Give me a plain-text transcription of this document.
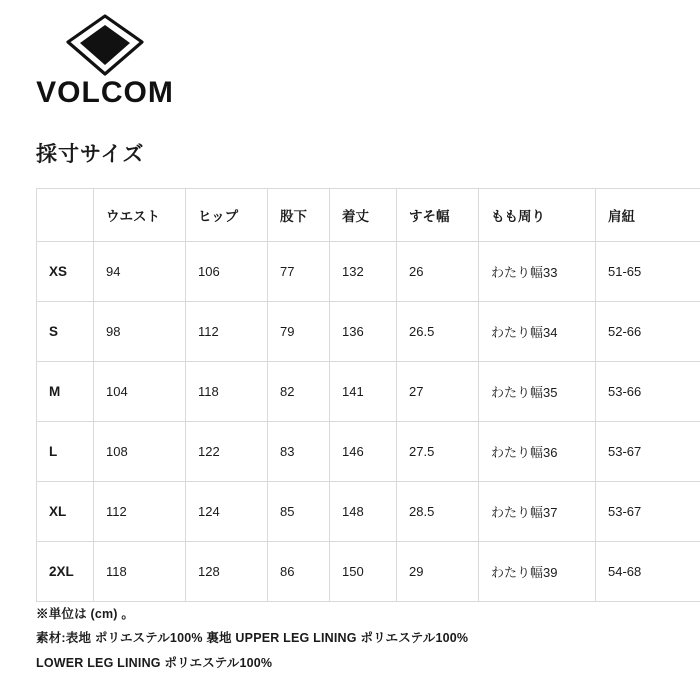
VOLCOM
採寸サイズ
	ウエスト	ヒップ	股下	着丈	すそ幅	もも周り	肩紐
XS	94	106	77	132	26	わたり幅33	51-65
S	98	112	79	136	26.5	わたり幅34	52-66
M	104	118	82	141	27	わたり幅35	53-66
L	108	122	83	146	27.5	わたり幅36	53-67
XL	112	124	85	148	28.5	わたり幅37	53-67
2XL	118	128	86	150	29	わたり幅39	54-68
※単位は (cm) 。
素材:表地 ポリエステル100% 裏地 UPPER LEG LINING ポリエステル100%
LOWER LEG LINING ポリエステル100%
